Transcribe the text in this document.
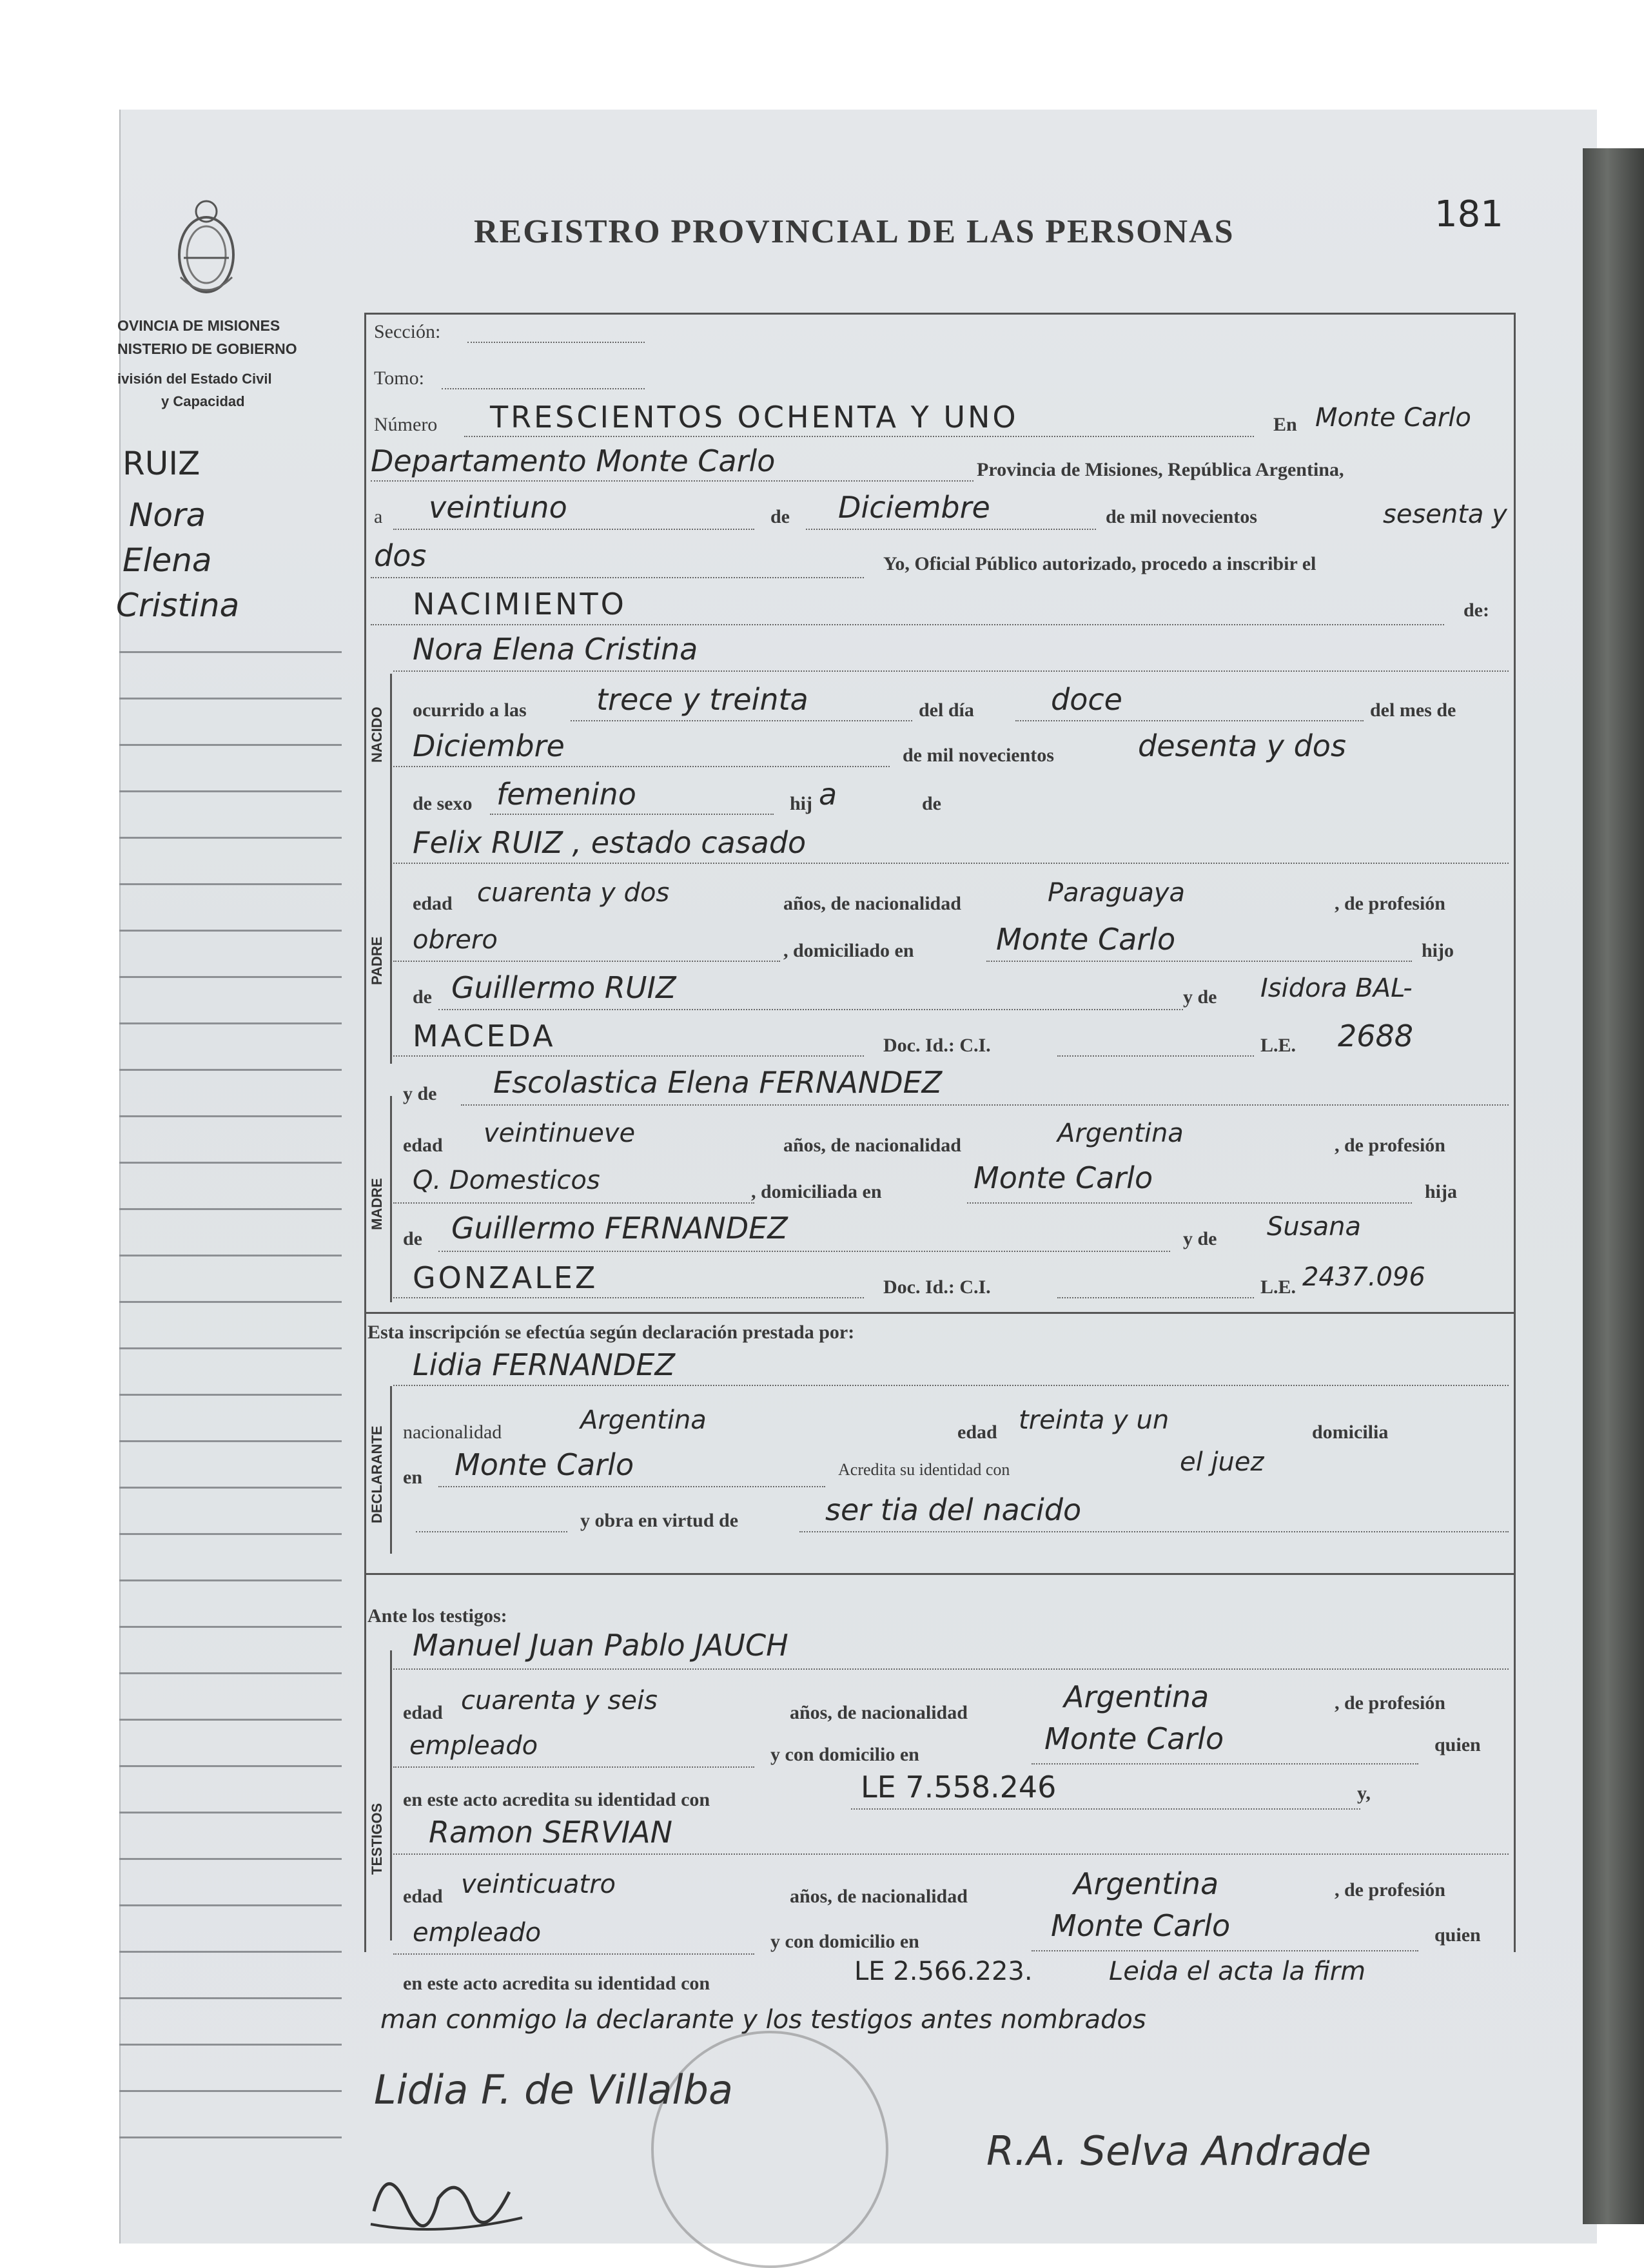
REGISTRO PROVINCIAL DE LAS PERSONAS	181
OVINCIA DE MISIONES
NISTERIO DE GOBIERNO
ivisión del Estado Civil
y Capacidad
RUIZ
Nora
Elena
Cristina
NACIDO
PADRE
MADRE
DECLARANTE
TESTIGOS
Sección:
Tomo:
Número TRESCIENTOS OCHENTA Y UNO	En Monte Carlo
Departamento Monte Carlo	Provincia de Misiones, República Argentina,
a veintiuno	de Diciembre	de mil novecientos	sesenta y
dos	Yo, Oficial Público autorizado, procedo a inscribir el
NACIMIENTO	de:
Nora Elena Cristina
ocurrido a las trece y treinta	del día	doce	del mes de
Diciembre	de mil novecientos	desenta y dos
de sexo femenino	hij a	de
Felix RUIZ , estado casado
edad cuarenta y dos	años, de nacionalidad	Paraguaya	, de profesión
obrero	, domiciliado en	Monte Carlo	hijo
de Guillermo RUIZ	y de Isidora BAL-
MACEDA	Doc. Id.: C.I.	L.E. 2688
y de Escolastica Elena FERNANDEZ
edad veintinueve	años, de nacionalidad	Argentina	, de profesión
Q. Domesticos	, domiciliada en	Monte Carlo	hija
de Guillermo FERNANDEZ	y de Susana
GONZALEZ	Doc. Id.: C.I.	L.E. 2437.096
Esta inscripción se efectúa según declaración prestada por:
Lidia FERNANDEZ
nacionalidad	Argentina	edad treinta y un	domicilia
en Monte Carlo	Acredita su identidad con	el juez
y obra en virtud de	ser tia del nacido
Ante los testigos:
Manuel Juan Pablo JAUCH
edad cuarenta y seis	años, de nacionalidad	Argentina	, de profesión
empleado	y con domicilio en	Monte Carlo	quien
en este acto acredita su identidad con	LE 7.558.246	y,
Ramon SERVIAN
edad veinticuatro	años, de nacionalidad	Argentina	, de profesión
empleado	y con domicilio en	Monte Carlo	quien
en este acto acredita su identidad con	LE 2.566.223.	Leida el acta la firm
man conmigo la declarante y los testigos antes nombrados
Lidia F. de Villalba
R.A. Selva Andrade
